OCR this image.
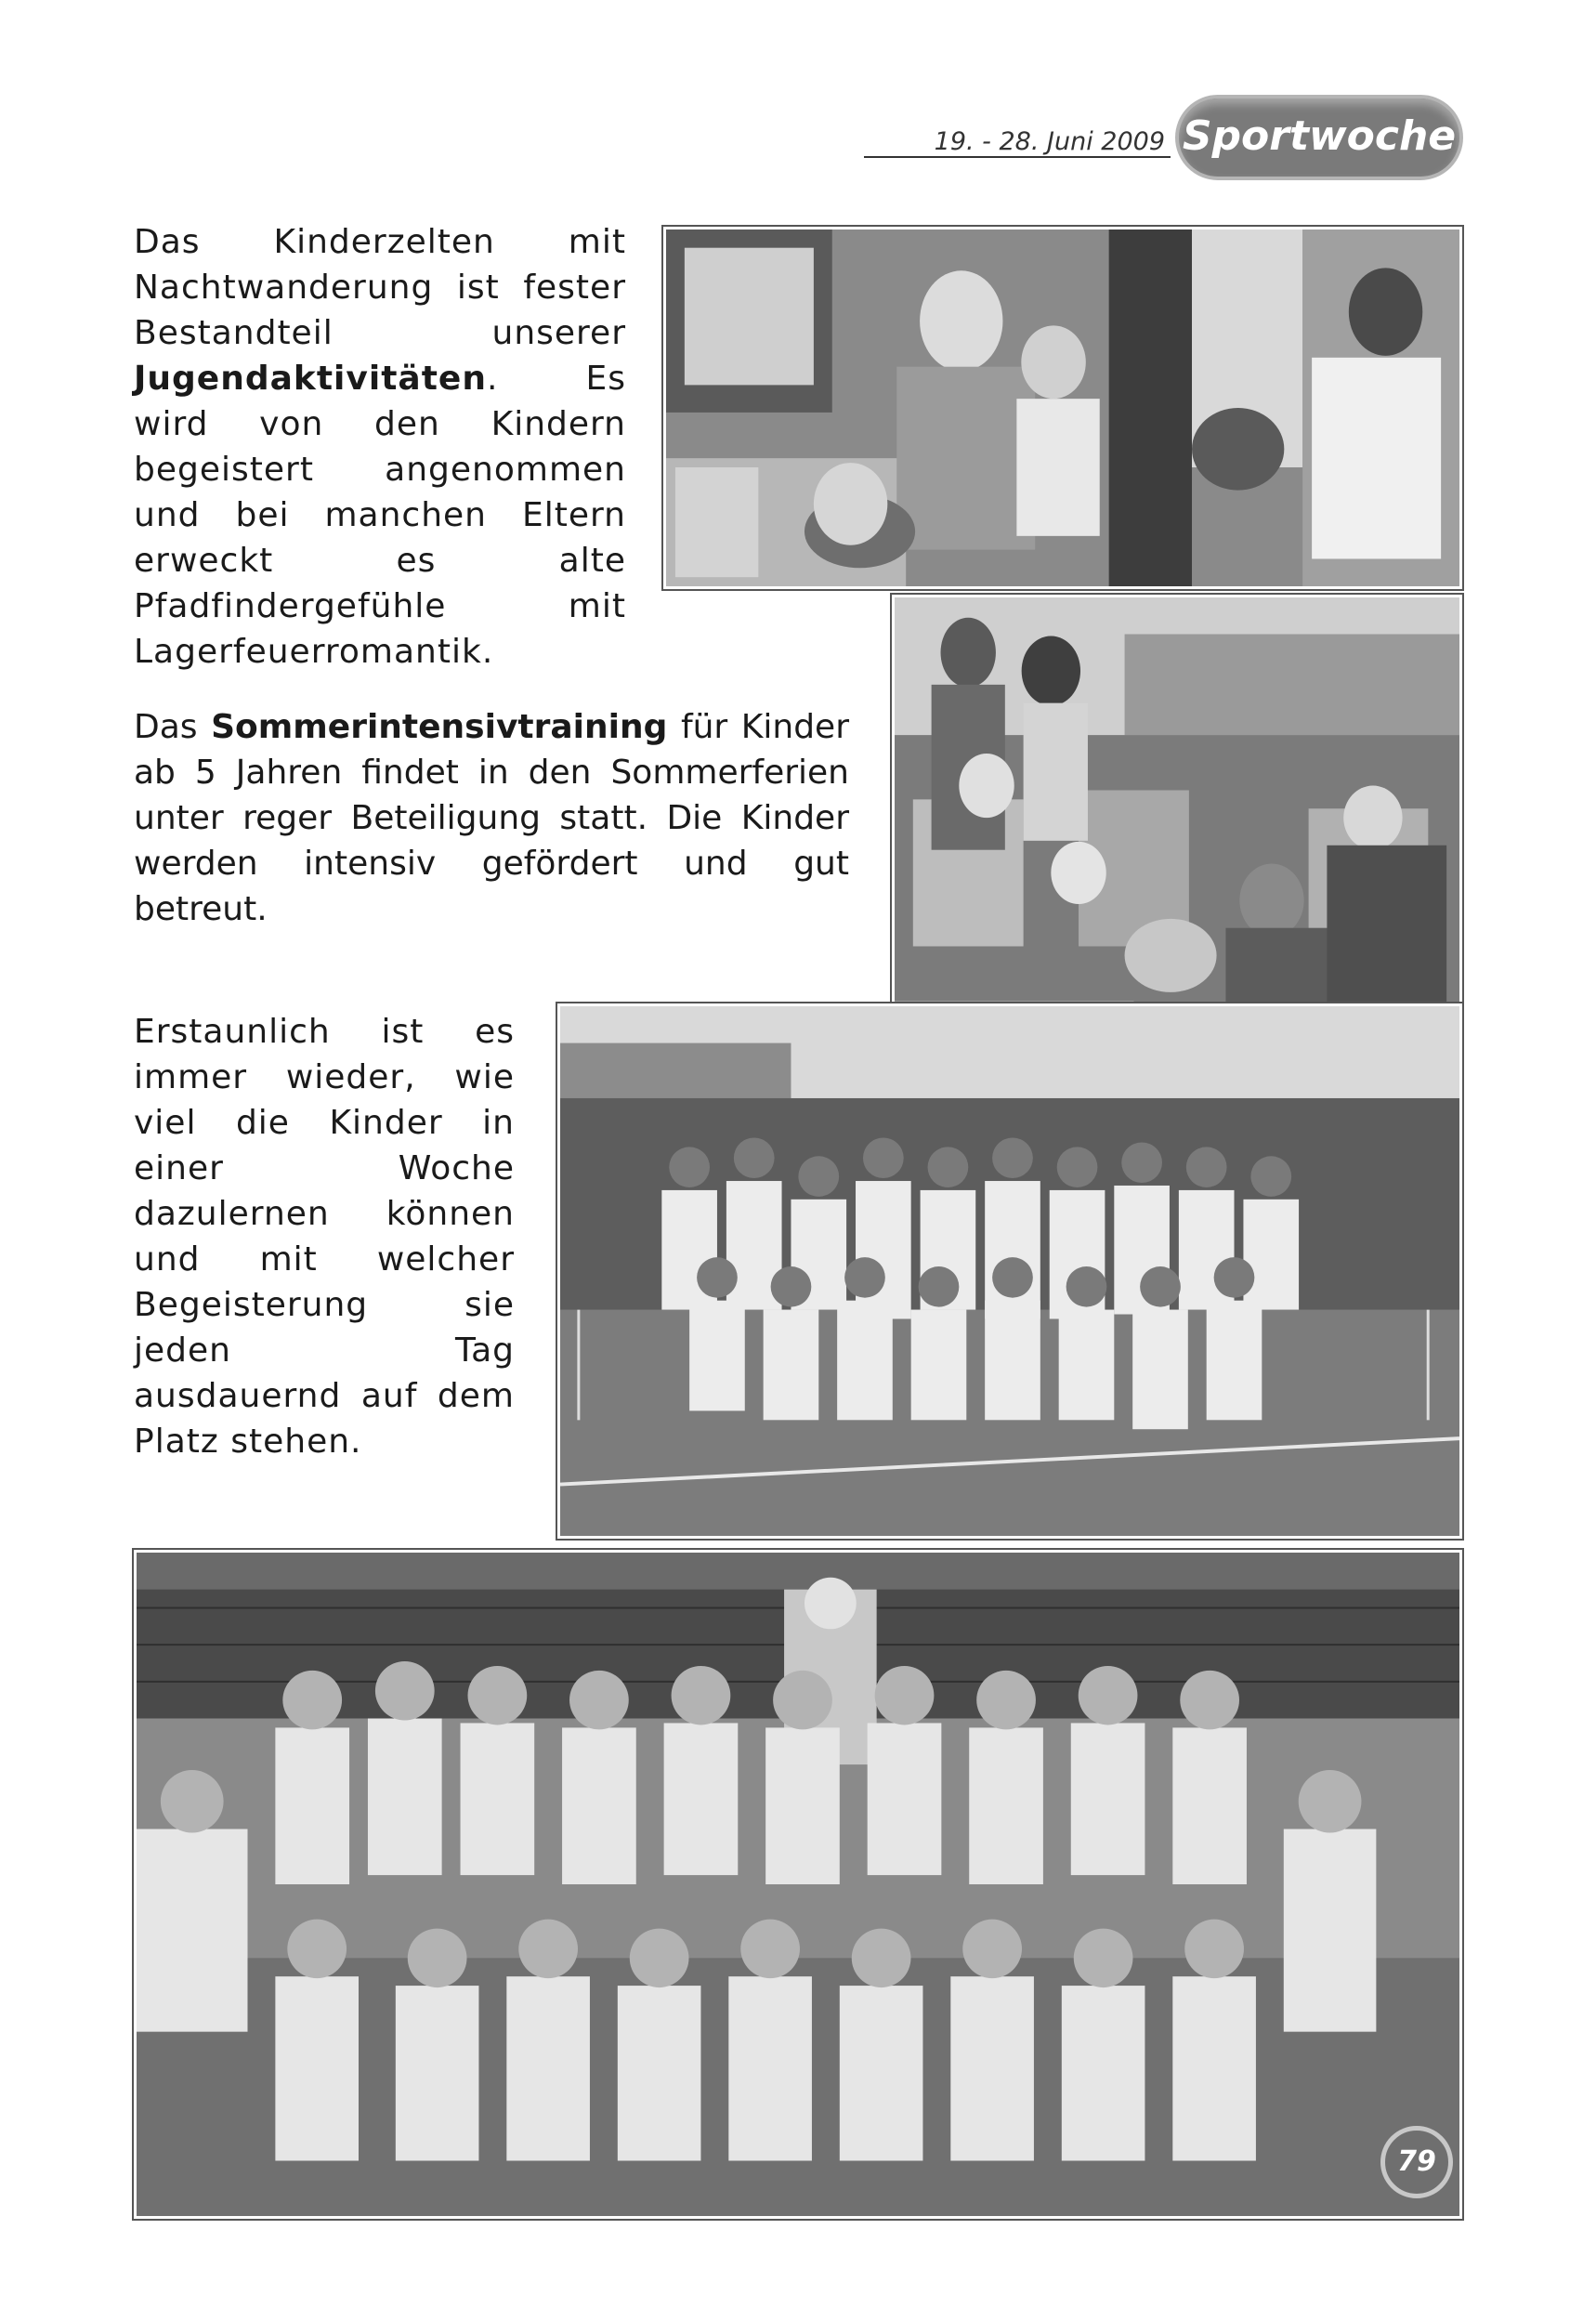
19. - 28. Juni 2009 Sportwoche
Das Kinderzelten mit Nachtwanderung ist fester Bestandteil unserer Jugendaktivitäten. Es wird von den Kindern begeistert angenommen und bei manchen Eltern erweckt es alte Pfadfindergefühle mit Lagerfeuerromantik.
Das Sommerintensivtraining für Kinder ab 5 Jahren findet in den Sommerferien unter reger Beteiligung statt. Die Kinder werden intensiv gefördert und gut betreut.
Erstaunlich ist es immer wieder, wie viel die Kinder in einer Woche dazulernen können und mit welcher Begeisterung sie jeden Tag ausdauernd auf dem Platz stehen.
79
